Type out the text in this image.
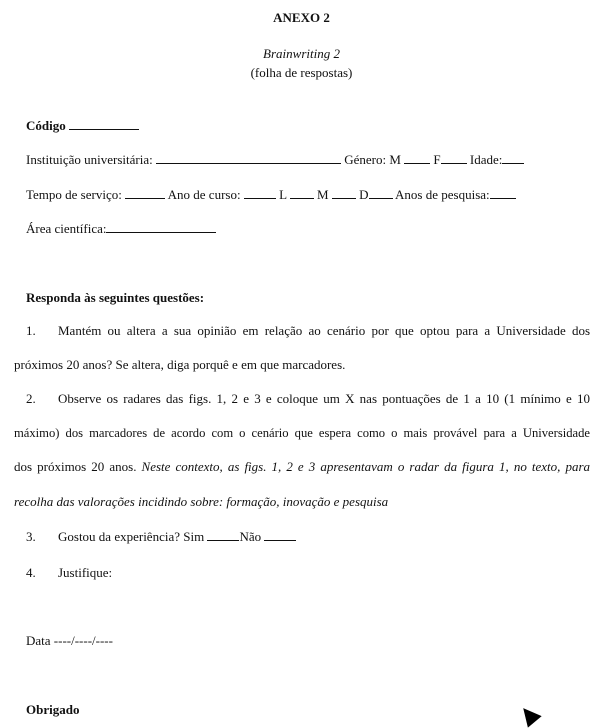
ANEXO 2
Brainwriting 2
(folha de respostas)
Código
Instituição universitária:	Género: M	F Idade:
Tempo de serviço:	Ano de curso:	L M D Anos de pesquisa:
Área científica:
Responda às seguintes questões:
1. Mantém ou altera a sua opinião em relação ao cenário por que optou para a Universidade dos
próximos 20 anos? Se altera, diga porquê e em que marcadores.
2. Observe os radares das figs. 1, 2 e 3 e coloque um X nas pontuações de 1 a 10 (1 mínimo e 10
máximo) dos marcadores de acordo com o cenário que espera como o mais provável para a Universidade
dos próximos 20 anos. Neste contexto, as figs. 1, 2 e 3 apresentavam o radar da figura 1, no texto, para
recolha das valorações incidindo sobre: formação, inovação e pesquisa
3. Gostou da experiência? Sim	Não
4. Justifique:
Data ----/----/----
Obrigado
